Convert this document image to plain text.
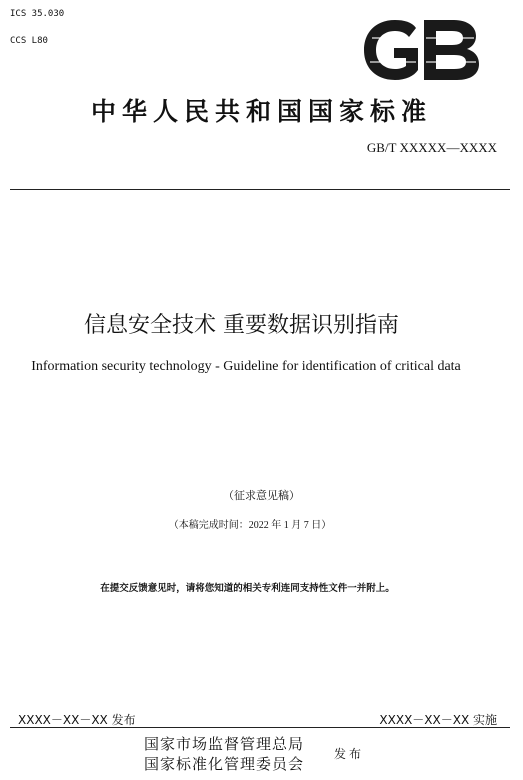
ICS 35.030
CCS L80
中华人民共和国国家标准
GB/T XXXXX—XXXX
信息安全技术 重要数据识别指南
Information security technology - Guideline for identification of critical data
（征求意见稿）
（本稿完成时间：2022 年 1 月 7 日）
在提交反馈意见时，请将您知道的相关专利连同支持性文件一并附上。
XXXX－XX－XX 发布	XXXX－XX－XX 实施
国家市场监督管理总局
国家标准化管理委员会
发布
